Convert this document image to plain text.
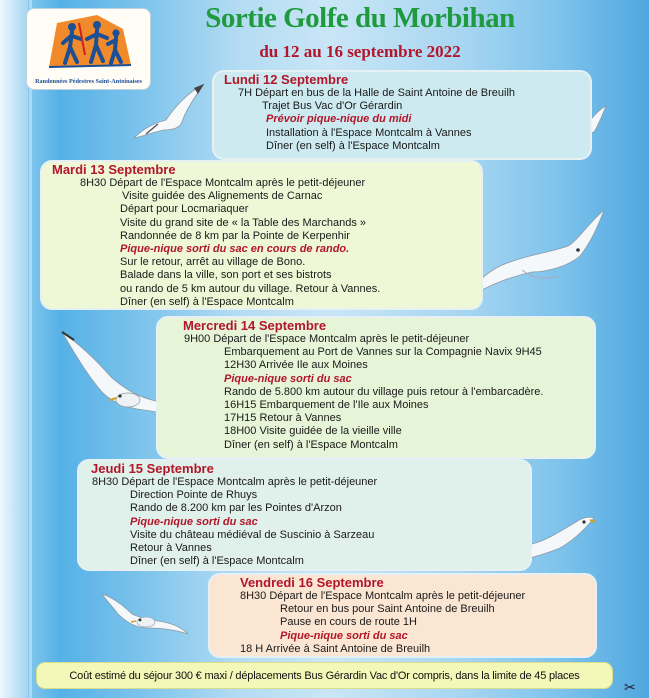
Randonnées Pédestres Saint-Antoinaises
Sortie Golfe du Morbihan
du 12 au 16 septembre 2022
Lundi 12 Septembre
7H Départ en bus de la Halle de Saint Antoine de Breuilh
Trajet Bus Vac d'Or Gérardin
Prévoir pique-nique du midi
Installation à l'Espace Montcalm à Vannes
Dîner (en self) à l'Espace Montcalm
Mardi 13 Septembre
8H30 Départ de l'Espace Montcalm après le petit-déjeuner
Visite guidée des Alignements de Carnac
Départ pour Locmariaquer
Visite du grand site de « la Table des Marchands »
Randonnée de 8 km par la Pointe de Kerpenhir
Pique-nique sorti du sac en cours de rando.
Sur le retour, arrêt au village de Bono.
Balade dans la ville, son port et ses bistrots
ou rando de 5 km autour du village. Retour à Vannes.
Dîner (en self) à l'Espace Montcalm
Mercredi 14 Septembre
9H00 Départ de l'Espace Montcalm après le petit-déjeuner
Embarquement au Port de Vannes sur la Compagnie Navix 9H45
12H30 Arrivée Ile aux Moines
Pique-nique sorti du sac
Rando de 5.800 km autour du village puis retour à l'embarcadère.
16H15 Embarquement de l'Ile aux Moines
17H15 Retour à Vannes
18H00 Visite guidée de la vieille ville
Dîner (en self) à l'Espace Montcalm
Jeudi 15 Septembre
8H30 Départ de l'Espace Montcalm après le petit-déjeuner
Direction Pointe de Rhuys
Rando de 8.200 km par les Pointes d'Arzon
Pique-nique sorti du sac
Visite du château médiéval de Suscinio à Sarzeau
Retour à Vannes
Dîner (en self) à l'Espace Montcalm
Vendredi 16 Septembre
8H30 Départ de l'Espace Montcalm après le petit-déjeuner
Retour en bus pour Saint Antoine de Breuilh
Pause en cours de route 1H
Pique-nique sorti du sac
18 H Arrivée à Saint Antoine de Breuilh
Coût estimé du séjour 300 € maxi / déplacements Bus Gérardin Vac d'Or compris, dans la limite de 45 places
✂
